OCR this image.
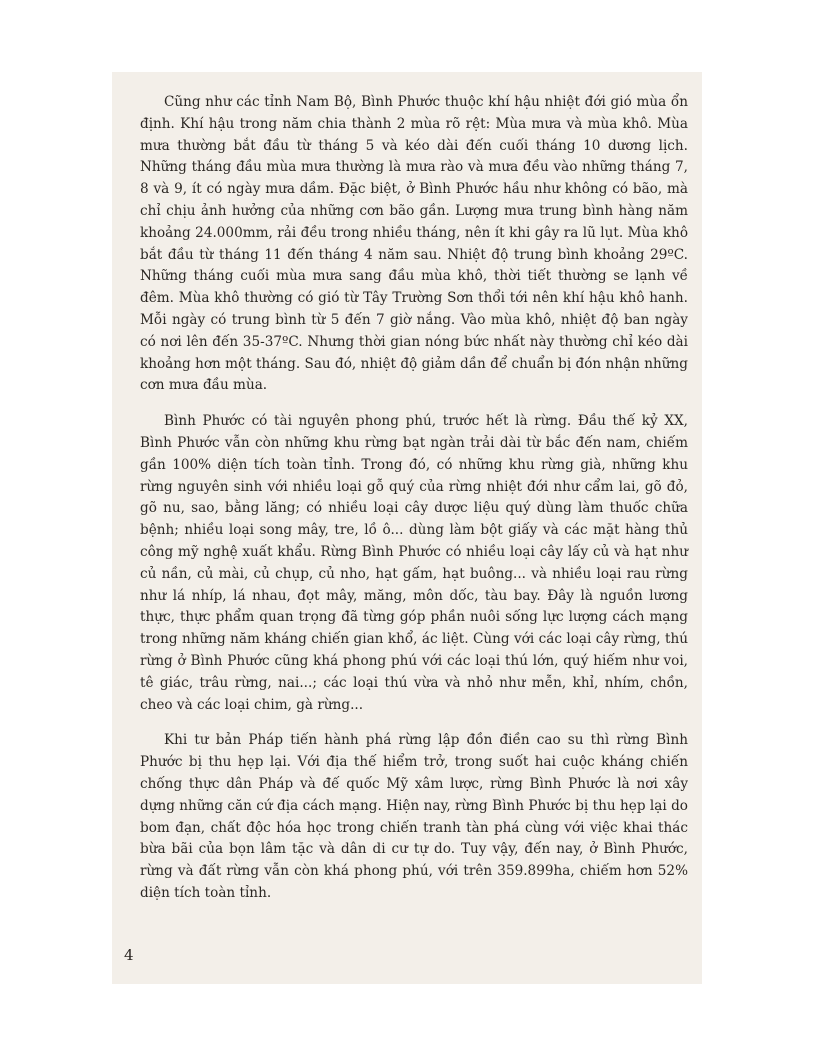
Cũng như các tỉnh Nam Bộ, Bình Phước thuộc khí hậu nhiệt đới gió mùa ổn định. Khí hậu trong năm chia thành 2 mùa rõ rệt: Mùa mưa và mùa khô. Mùa mưa thường bắt đầu từ tháng 5 và kéo dài đến cuối tháng 10 dương lịch. Những tháng đầu mùa mưa thường là mưa rào và mưa đều vào những tháng 7, 8 và 9, ít có ngày mưa dầm. Đặc biệt, ở Bình Phước hầu như không có bão, mà chỉ chịu ảnh hưởng của những cơn bão gần. Lượng mưa trung bình hàng năm khoảng 24.000mm, rải đều trong nhiều tháng, nên ít khi gây ra lũ lụt. Mùa khô bắt đầu từ tháng 11 đến tháng 4 năm sau. Nhiệt độ trung bình khoảng 29ºC. Những tháng cuối mùa mưa sang đầu mùa khô, thời tiết thường se lạnh về đêm. Mùa khô thường có gió từ Tây Trường Sơn thổi tới nên khí hậu khô hanh. Mỗi ngày có trung bình từ 5 đến 7 giờ nắng. Vào mùa khô, nhiệt độ ban ngày có nơi lên đến 35-37ºC. Nhưng thời gian nóng bức nhất này thường chỉ kéo dài khoảng hơn một tháng. Sau đó, nhiệt độ giảm dần để chuẩn bị đón nhận những cơn mưa đầu mùa.

Bình Phước có tài nguyên phong phú, trước hết là rừng. Đầu thế kỷ XX, Bình Phước vẫn còn những khu rừng bạt ngàn trải dài từ bắc đến nam, chiếm gần 100% diện tích toàn tỉnh. Trong đó, có những khu rừng già, những khu rừng nguyên sinh với nhiều loại gỗ quý của rừng nhiệt đới như cẩm lai, gõ đỏ, gõ nu, sao, bằng lăng; có nhiều loại cây dược liệu quý dùng làm thuốc chữa bệnh; nhiều loại song mây, tre, lồ ô... dùng làm bột giấy và các mặt hàng thủ công mỹ nghệ xuất khẩu. Rừng Bình Phước có nhiều loại cây lấy củ và hạt như củ nần, củ mài, củ chụp, củ nho, hạt gấm, hạt buông... và nhiều loại rau rừng như lá nhíp, lá nhau, đọt mây, măng, môn dốc, tàu bay. Đây là nguồn lương thực, thực phẩm quan trọng đã từng góp phần nuôi sống lực lượng cách mạng trong những năm kháng chiến gian khổ, ác liệt. Cùng với các loại cây rừng, thú rừng ở Bình Phước cũng khá phong phú với các loại thú lớn, quý hiếm như voi, tê giác, trâu rừng, nai...; các loại thú vừa và nhỏ như mễn, khỉ, nhím, chồn, cheo và các loại chim, gà rừng...

Khi tư bản Pháp tiến hành phá rừng lập đồn điền cao su thì rừng Bình Phước bị thu hẹp lại. Với địa thế hiểm trở, trong suốt hai cuộc kháng chiến chống thực dân Pháp và đế quốc Mỹ xâm lược, rừng Bình Phước là nơi xây dựng những căn cứ địa cách mạng. Hiện nay, rừng Bình Phước bị thu hẹp lại do bom đạn, chất độc hóa học trong chiến tranh tàn phá cùng với việc khai thác bừa bãi của bọn lâm tặc và dân di cư tự do. Tuy vậy, đến nay, ở Bình Phước, rừng và đất rừng vẫn còn khá phong phú, với trên 359.899ha, chiếm hơn 52% diện tích toàn tỉnh.

4
